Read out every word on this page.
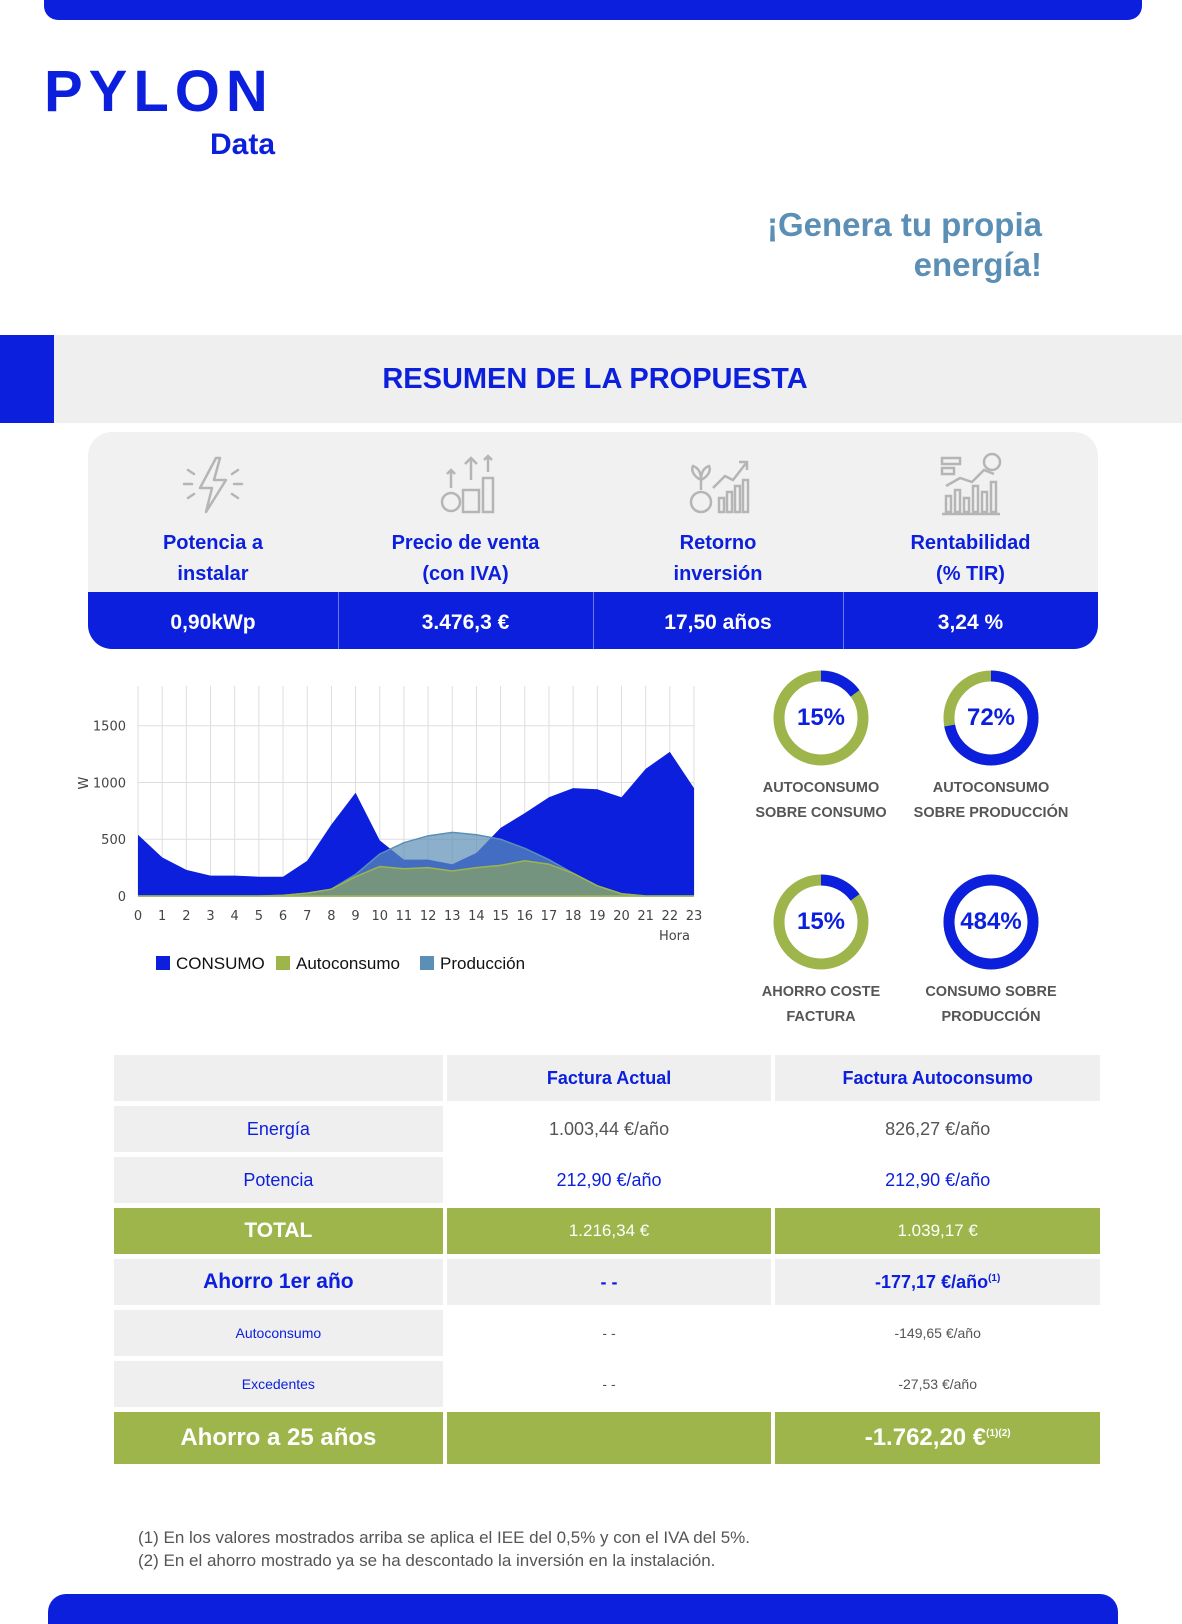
PYLON
Data
¡Genera tu propia
energía!
RESUMEN DE LA PROPUESTA
Potencia a
instalar
Precio de venta
(con IVA)
Retorno
inversión
Rentabilidad
(% TIR)
0,90kWp	3.476,3 €	17,50 años	3,24 %
0 1 2 3 4 5 6 7 8 9 10 11 12 13 14 15 16 17 18 19 20 21 22 23
0
500
1000
1500
Hora
W
CONSUMO Autoconsumo Producción
15%
AUTOCONSUMO
SOBRE CONSUMO
72%
AUTOCONSUMO
SOBRE PRODUCCIÓN
15%
AHORRO COSTE
FACTURA
484%
CONSUMO SOBRE
PRODUCCIÓN
	Factura Actual	Factura Autoconsumo
Energía	1.003,44 €/año	826,27 €/año
Potencia	212,90 €/año	212,90 €/año
TOTAL	1.216,34 €	1.039,17 €
Ahorro 1er año	- -	-177,17 €/año$^{(1)}$
Autoconsumo	- -	-149,65 €/año
Excedentes	- -	-27,53 €/año
Ahorro a 25 años		-1.762,20 €$^{(1)(2)}$
(1) En los valores mostrados arriba se aplica el IEE del 0,5% y con el IVA del 5%.
(2) En el ahorro mostrado ya se ha descontado la inversión en la instalación.
